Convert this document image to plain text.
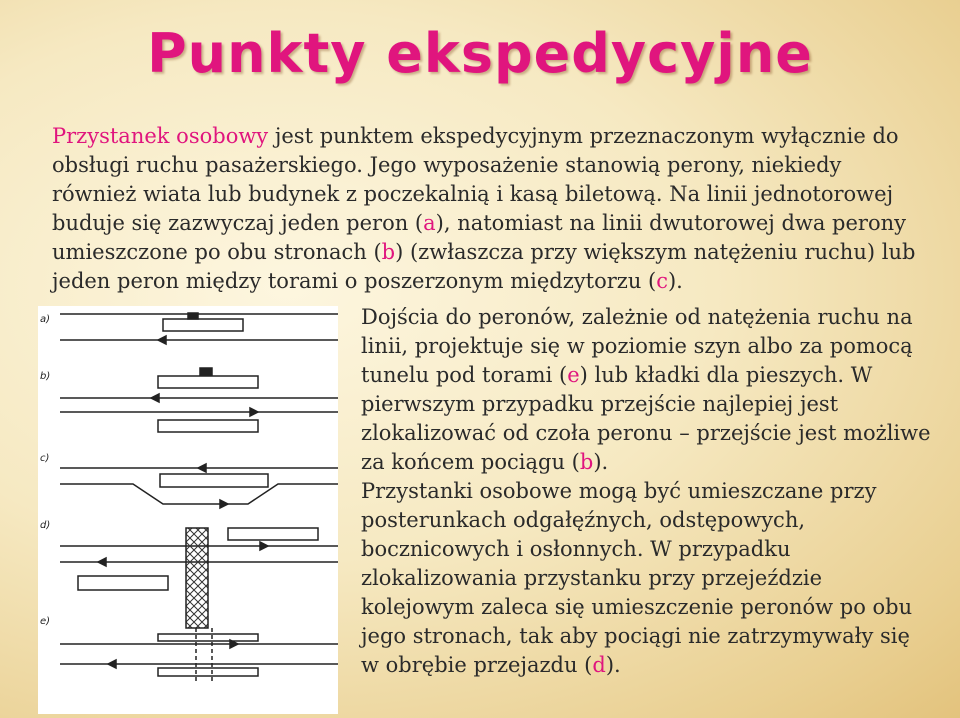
Punkty ekspedycyjne

Przystanek osobowy jest punktem ekspedycyjnym przeznaczonym wyłącznie do obsługi ruchu pasażerskiego. Jego wyposażenie stanowią perony, niekiedy również wiata lub budynek z poczekalnią i kasą biletową. Na linii jednotorowej buduje się zazwyczaj jeden peron (a), natomiast na linii dwutorowej dwa perony umieszczone po obu stronach (b) (zwłaszcza przy większym natężeniu ruchu) lub jeden peron między torami o poszerzonym międzytorzu (c).

a)
b)
c)
d)
e)

Dojścia do peronów, zależnie od natężenia ruchu na linii, projektuje się w poziomie szyn albo za pomocą tunelu pod torami (e) lub kładki dla pieszych. W pierwszym przypadku przejście najlepiej jest zlokalizować od czoła peronu – przejście jest możliwe za końcem pociągu (b).
Przystanki osobowe mogą być umieszczane przy posterunkach odgałęźnych, odstępowych, bocznicowych i osłonnych. W przypadku zlokalizowania przystanku przy przejeździe kolejowym zaleca się umieszczenie peronów po obu jego stronach, tak aby pociągi nie zatrzymywały się w obrębie przejazdu (d).
